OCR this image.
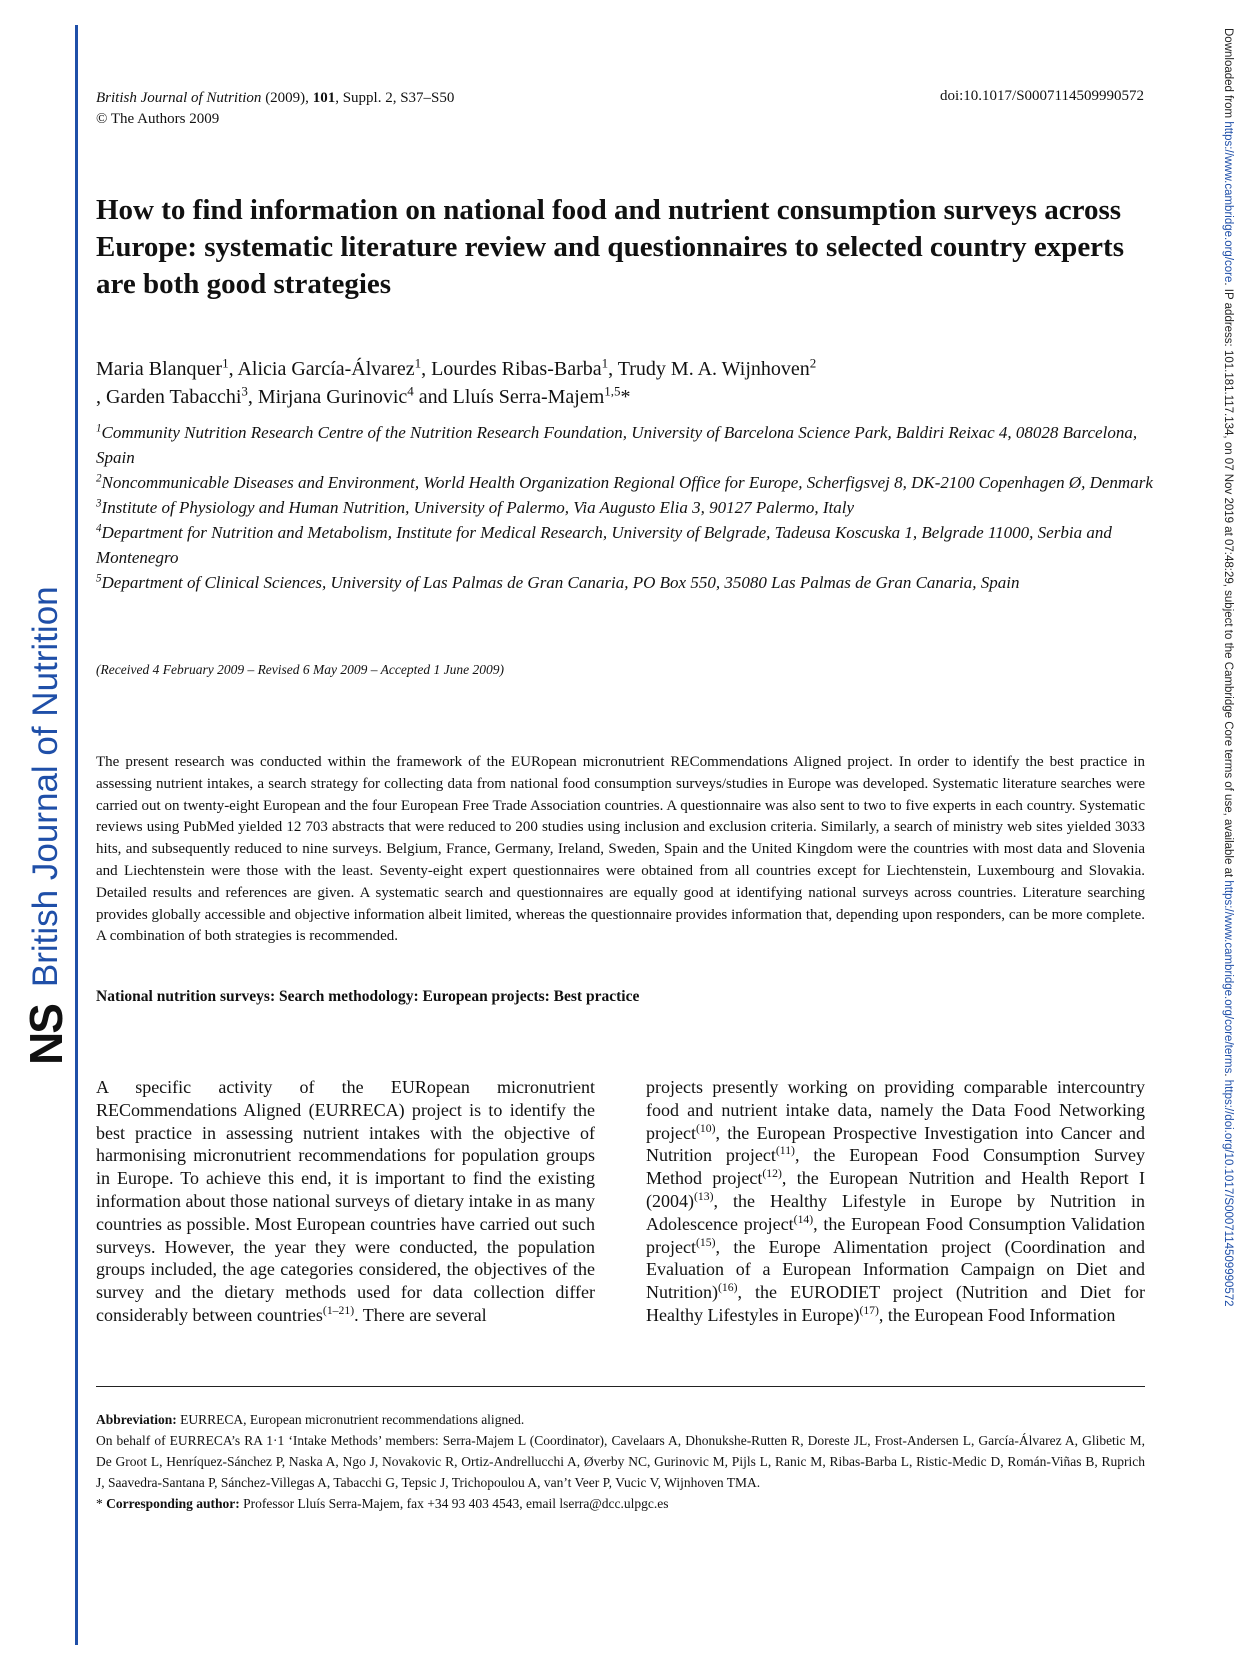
NS
British Journal of Nutrition
Downloaded from https://www.cambridge.org/core. IP address: 101.181.117.134, on 07 Nov 2019 at 07:48:29, subject to the Cambridge Core terms of use, available at https://www.cambridge.org/core/terms. https://doi.org/10.1017/S0007114509990572
British Journal of Nutrition (2009), 101, Suppl. 2, S37–S50
© The Authors 2009
doi:10.1017/S0007114509990572
How to find information on national food and nutrient consumption surveys across Europe: systematic literature review and questionnaires to selected country experts are both good strategies
Maria Blanquer$^1$, Alicia García-Álvarez$^1$, Lourdes Ribas-Barba$^1$, Trudy M. A. Wijnhoven$^2$
, Garden Tabacchi$^3$, Mirjana Gurinovic$^4$ and Lluís Serra-Majem$^{1,5}$*
$^1$Community Nutrition Research Centre of the Nutrition Research Foundation, University of Barcelona Science Park, Baldiri Reixac 4, 08028 Barcelona, Spain
$^2$Noncommunicable Diseases and Environment, World Health Organization Regional Office for Europe, Scherfigsvej 8, DK-2100 Copenhagen Ø, Denmark
$^3$Institute of Physiology and Human Nutrition, University of Palermo, Via Augusto Elia 3, 90127 Palermo, Italy
$^4$Department for Nutrition and Metabolism, Institute for Medical Research, University of Belgrade, Tadeusa Koscuska 1, Belgrade 11000, Serbia and Montenegro
$^5$Department of Clinical Sciences, University of Las Palmas de Gran Canaria, PO Box 550, 35080 Las Palmas de Gran Canaria, Spain
(Received 4 February 2009 – Revised 6 May 2009 – Accepted 1 June 2009)
The present research was conducted within the framework of the EURopean micronutrient RECommendations Aligned project. In order to identify the best practice in assessing nutrient intakes, a search strategy for collecting data from national food consumption surveys/studies in Europe was developed. Systematic literature searches were carried out on twenty-eight European and the four European Free Trade Association countries. A questionnaire was also sent to two to five experts in each country. Systematic reviews using PubMed yielded 12 703 abstracts that were reduced to 200 studies using inclusion and exclusion criteria. Similarly, a search of ministry web sites yielded 3033 hits, and subsequently reduced to nine surveys. Belgium, France, Germany, Ireland, Sweden, Spain and the United Kingdom were the countries with most data and Slovenia and Liechtenstein were those with the least. Seventy-eight expert questionnaires were obtained from all countries except for Liechtenstein, Luxembourg and Slovakia. Detailed results and references are given. A systematic search and questionnaires are equally good at identifying national surveys across countries. Literature searching provides globally accessible and objective information albeit limited, whereas the questionnaire provides information that, depending upon responders, can be more complete. A combination of both strategies is recommended.
National nutrition surveys: Search methodology: European projects: Best practice
A specific activity of the EURopean micronutrient RECommendations Aligned (EURRECA) project is to identify the best practice in assessing nutrient intakes with the objective of harmonising micronutrient recommendations for population groups in Europe. To achieve this end, it is important to find the existing information about those national surveys of dietary intake in as many countries as possible. Most European countries have carried out such surveys. However, the year they were conducted, the population groups included, the age categories considered, the objectives of the survey and the dietary methods used for data collection differ considerably between countries$^{(1-21)}$. There are several
projects presently working on providing comparable intercountry food and nutrient intake data, namely the Data Food Networking project$^{(10)}$, the European Prospective Investigation into Cancer and Nutrition project$^{(11)}$, the European Food Consumption Survey Method project$^{(12)}$, the European Nutrition and Health Report I $(2004)^{(13)}$, the Healthy Lifestyle in Europe by Nutrition in Adolescence project$^{(14)}$, the European Food Consumption Validation project$^{(15)}$, the Europe Alimentation project (Coordination and Evaluation of a European Information Campaign on Diet and Nutrition)$^{(16)}$, the EURODIET project (Nutrition and Diet for Healthy Lifestyles in Europe)$^{(17)}$, the European Food Information

Abbreviation: EURRECA, European micronutrient recommendations aligned.

On behalf of EURRECA’s RA 1·1 ‘Intake Methods’ members: Serra-Majem L (Coordinator), Cavelaars A, Dhonukshe-Rutten R, Doreste JL, Frost-Andersen L, García-Álvarez A, Glibetic M, De Groot L, Henríquez-Sánchez P, Naska A, Ngo J, Novakovic R, Ortiz-Andrellucchi A, Øverby NC, Gurinovic M, Pijls L, Ranic M, Ribas-Barba L, Ristic-Medic D, Román-Viñas B, Ruprich J, Saavedra-Santana P, Sánchez-Villegas A, Tabacchi G, Tepsic J, Trichopoulou A, van’t Veer P, Vucic V, Wijnhoven TMA.

* Corresponding author: Professor Lluís Serra-Majem, fax +34 93 403 4543, email lserra@dcc.ulpgc.es
